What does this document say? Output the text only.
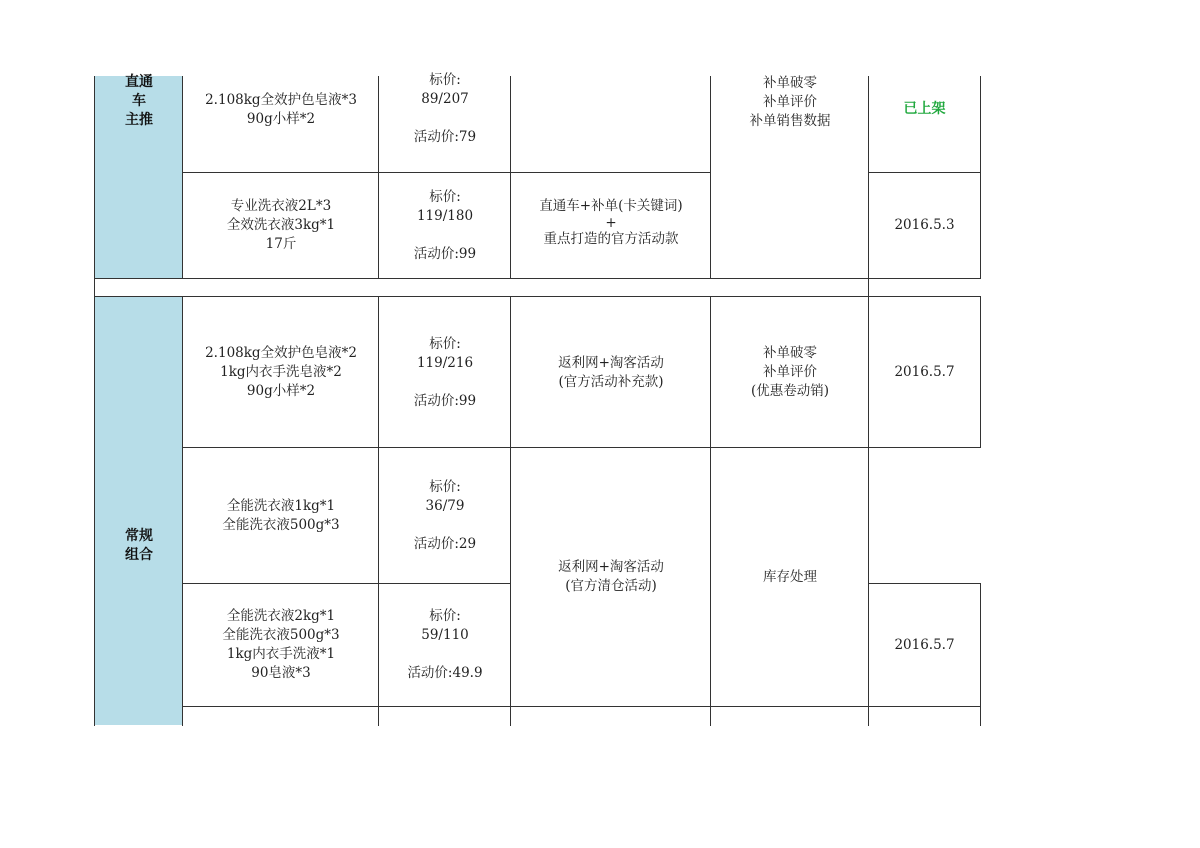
直通
车
主推
2.108kg全效护色皂液*3
90g小样*2
标价:
89/207
活动价:79
补单破零
补单评价
补单销售数据
已上架
专业洗衣液2L*3
全效洗衣液3kg*1
17斤
标价:
119/180
活动价:99
直通车+补单(卡关键词)
+
重点打造的官方活动款
2016.5.3
常规
组合
2.108kg全效护色皂液*2
1kg内衣手洗皂液*2
90g小样*2
标价:
119/216
活动价:99
返利网+淘客活动
(官方活动补充款)
补单破零
补单评价
(优惠卷动销)
2016.5.7
全能洗衣液1kg*1
全能洗衣液500g*3
标价:
36/79
活动价:29
返利网+淘客活动
(官方清仓活动)
库存处理
全能洗衣液2kg*1
全能洗衣液500g*3
1kg内衣手洗液*1
90皂液*3
标价:
59/110
活动价:49.9
2016.5.7
